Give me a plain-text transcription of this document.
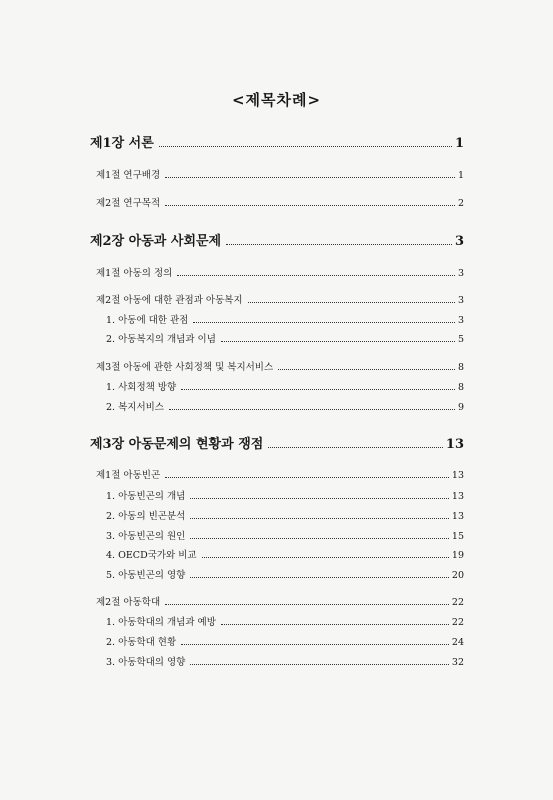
<제목차례>
제1장 서론	1
제1절 연구배경	1
제2절 연구목적	2
제2장 아동과 사회문제	3
제1절 아동의 정의	3
제2절 아동에 대한 관점과 아동복지	3
1. 아동에 대한 관점	3
2. 아동복지의 개념과 이념	5
제3절 아동에 관한 사회정책 및 복지서비스	8
1. 사회정책 방향	8
2. 복지서비스	9
제3장 아동문제의 현황과 쟁점	13
제1절 아동빈곤	13
1. 아동빈곤의 개념	13
2. 아동의 빈곤분석	13
3. 아동빈곤의 원인	15
4. OECD국가와 비교	19
5. 아동빈곤의 영향	20
제2절 아동학대	22
1. 아동학대의 개념과 예방	22
2. 아동학대 현황	24
3. 아동학대의 영향	32
